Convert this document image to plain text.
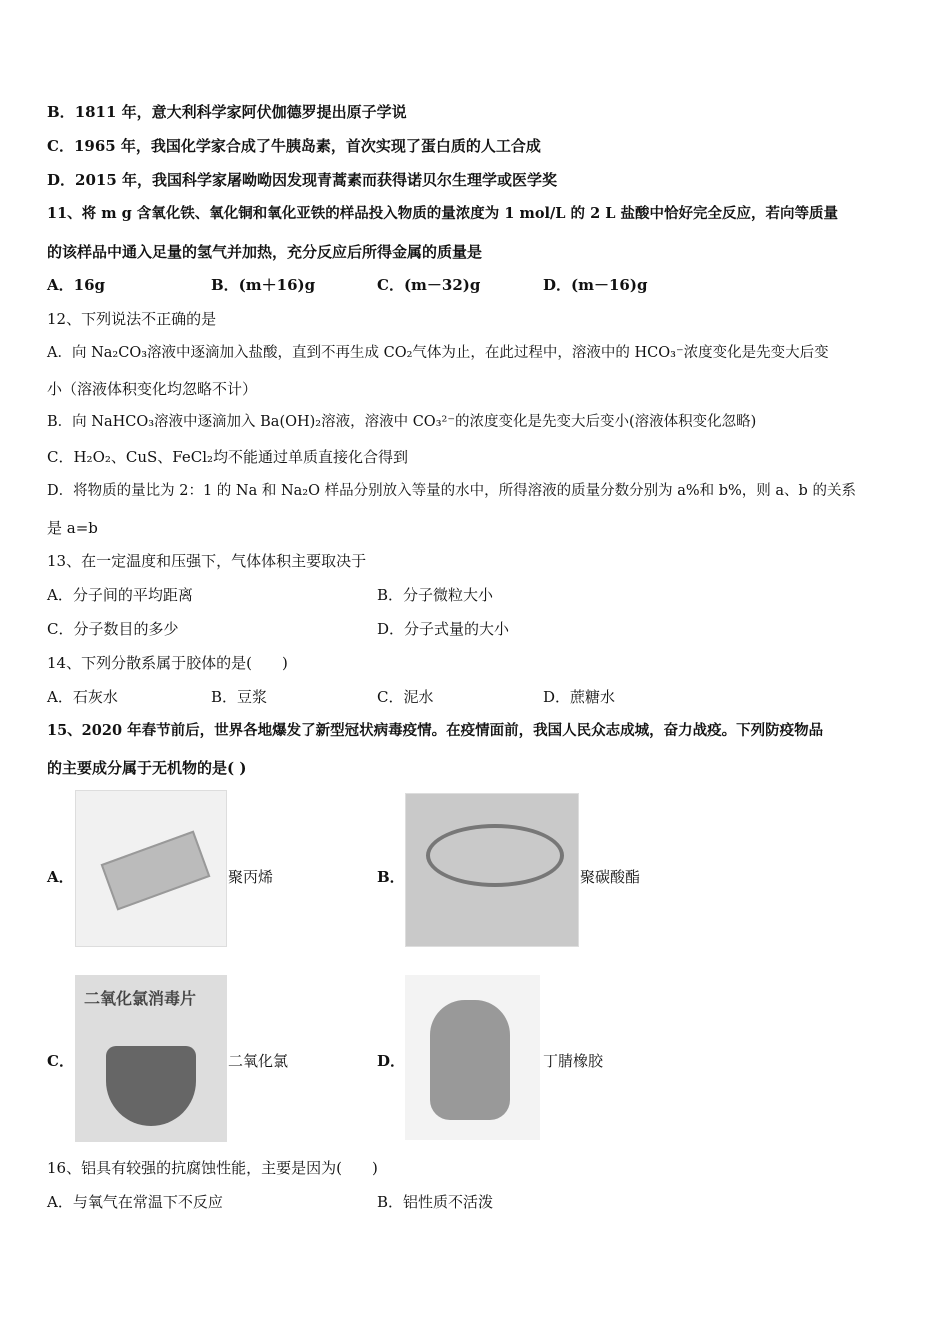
B．1811 年，意大利科学家阿伏伽德罗提出原子学说
C．1965 年，我国化学家合成了牛胰岛素，首次实现了蛋白质的人工合成
D．2015 年，我国科学家屠呦呦因发现青蒿素而获得诺贝尔生理学或医学奖
11、将 m g 含氧化铁、氧化铜和氧化亚铁的样品投入物质的量浓度为 1 mol/L 的 2 L 盐酸中恰好完全反应，若向等质量
的该样品中通入足量的氢气并加热，充分反应后所得金属的质量是
A．16g	B．(m＋16)g	C．(m－32)g	D．(m－16)g
12、下列说法不正确的是
A．向 Na₂CO₃溶液中逐滴加入盐酸，直到不再生成 CO₂气体为止，在此过程中，溶液中的 HCO₃⁻浓度变化是先变大后变
小（溶液体积变化均忽略不计）
B．向 NaHCO₃溶液中逐滴加入 Ba(OH)₂溶液，溶液中 CO₃²⁻的浓度变化是先变大后变小(溶液体积变化忽略)
C．H₂O₂、CuS、FeCl₂均不能通过单质直接化合得到
D．将物质的量比为 2：1 的 Na 和 Na₂O 样品分别放入等量的水中，所得溶液的质量分数分别为 a%和 b%，则 a、b 的关系
是 a=b
13、在一定温度和压强下，气体体积主要取决于
A．分子间的平均距离	B．分子微粒大小
C．分子数目的多少	D．分子式量的大小
14、下列分散系属于胶体的是(　　)
A．石灰水	B．豆浆	C．泥水	D．蔗糖水
15、2020 年春节前后，世界各地爆发了新型冠状病毒疫情。在疫情面前，我国人民众志成城，奋力战疫。下列防疫物品
的主要成分属于无机物的是( )
A．	聚丙烯	B．	聚碳酸酯
C．
二氧化氯消毒片
二氧化氯	D．	丁腈橡胶
16、铝具有较强的抗腐蚀性能，主要是因为(　　)
A．与氧气在常温下不反应	B．铝性质不活泼
